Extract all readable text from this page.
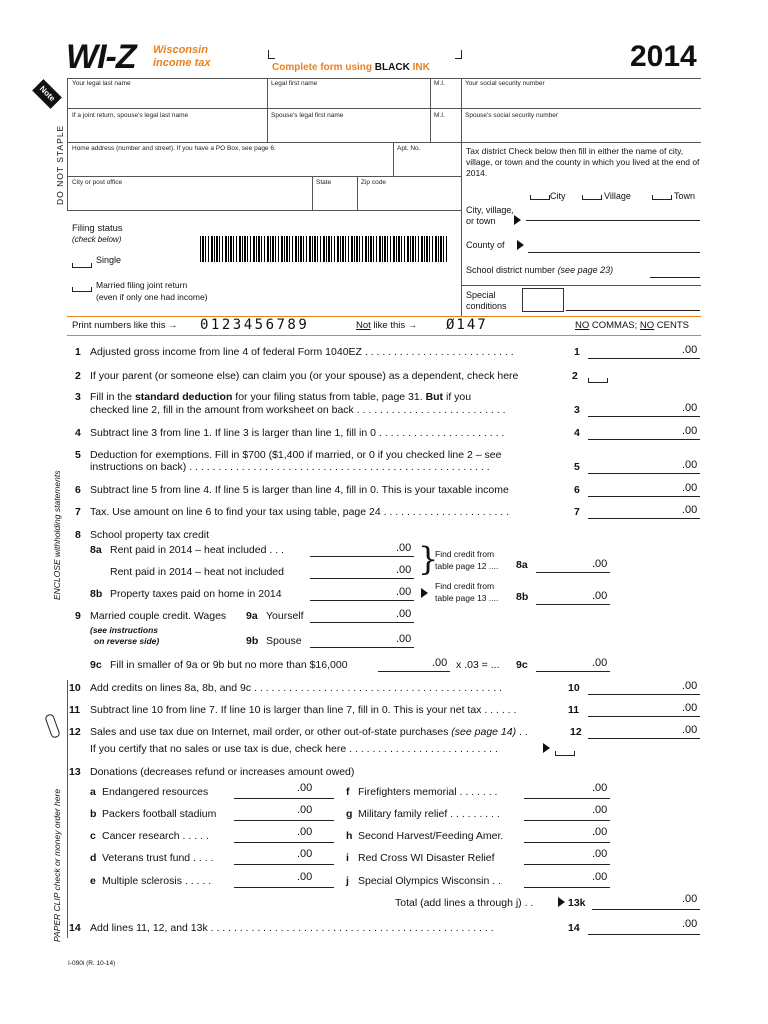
WI-Z Wisconsin
income tax	Complete form using BLACK INK	2014
Note
DO NOT STAPLE
Your legal last name	Legal first name	M.I.	Your social security number
If a joint return, spouse's legal last name	Spouse's legal first name	M.I.	Spouse's social security number
Home address (number and street). If you have a PO Box, see page 6.	Apt. No.
City or post office	State	Zip code
Filing status
(check below)
Single
Married filing joint return
(even if only one had income)
Tax district Check below then fill in either the name of city, village, or town and the county in which you lived at the end of 2014.
City	Village	Town
City, village,
or town
County of
School district number (see page 23)
Special
conditions
Print numbers like this → 0123456789	Not like this → Ø147	NO COMMAS; NO CENTS
ENCLOSE withholding statements
PAPER CLIP check or money order here
1 Adjusted gross income from line 4 of federal Form 1040EZ . . . . . . . . . . . . . . . . . . . . . . . . . .	1	.00
2 If your parent (or someone else) can claim you (or your spouse) as a dependent, check here	2
3 Fill in the standard deduction for your filing status from table, page 31. But if you
checked line 2, fill in the amount from worksheet on back . . . . . . . . . . . . . . . . . . . . . . . . . .	3	.00
4 Subtract line 3 from line 1. If line 3 is larger than line 1, fill in 0 . . . . . . . . . . . . . . . . . . . . . .	4	.00
5 Deduction for exemptions. Fill in $700 ($1,400 if married, or 0 if you checked line 2 – see
instructions on back) . . . . . . . . . . . . . . . . . . . . . . . . . . . . . . . . . . . . . . . . . . . . . . . . . . . .	5	.00
6 Subtract line 5 from line 4. If line 5 is larger than line 4, fill in 0. This is your taxable income	6	.00
7 Tax. Use amount on line 6 to find your tax using table, page 24 . . . . . . . . . . . . . . . . . . . . . .	7	.00
8 School property tax credit
8a Rent paid in 2014 – heat included . . .	.00
Rent paid in 2014 – heat not included	.00 }
Find credit from
table page 12 .... 8a	.00
8b Property taxes paid on home in 2014	.00	Find credit from
table page 13 .... 8b	.00
9 Married couple credit. Wages 9a Yourself	.00
(see instructions
on reverse side)	9b Spouse	.00
9c Fill in smaller of 9a or 9b but no more than $16,000	.00 x .03 = ... 9c	.00
10 Add credits on lines 8a, 8b, and 9c . . . . . . . . . . . . . . . . . . . . . . . . . . . . . . . . . . . . . . . . . . .	10	.00
11 Subtract line 10 from line 7. If line 10 is larger than line 7, fill in 0. This is your net tax . . . . . .	11	.00
12 Sales and use tax due on Internet, mail order, or other out-of-state purchases (see page 14) . .	12	.00
If you certify that no sales or use tax is due, check here . . . . . . . . . . . . . . . . . . . . . . . . . .
13 Donations (decreases refund or increases amount owed)
a Endangered resources	.00
b Packers football stadium	.00
c Cancer research . . . . .	.00
d Veterans trust fund . . . .	.00
e Multiple sclerosis . . . . .	.00
f Firefighters memorial . . . . . . .	.00
g Military family relief . . . . . . . . .	.00
h Second Harvest/Feeding Amer.	.00
i Red Cross WI Disaster Relief	.00
j Special Olympics Wisconsin . .	.00
Total (add lines a through j) . .	13k	.00
14 Add lines 11, 12, and 13k . . . . . . . . . . . . . . . . . . . . . . . . . . . . . . . . . . . . . . . . . . . . . . . . .	14	.00
I-090i (R. 10-14)
